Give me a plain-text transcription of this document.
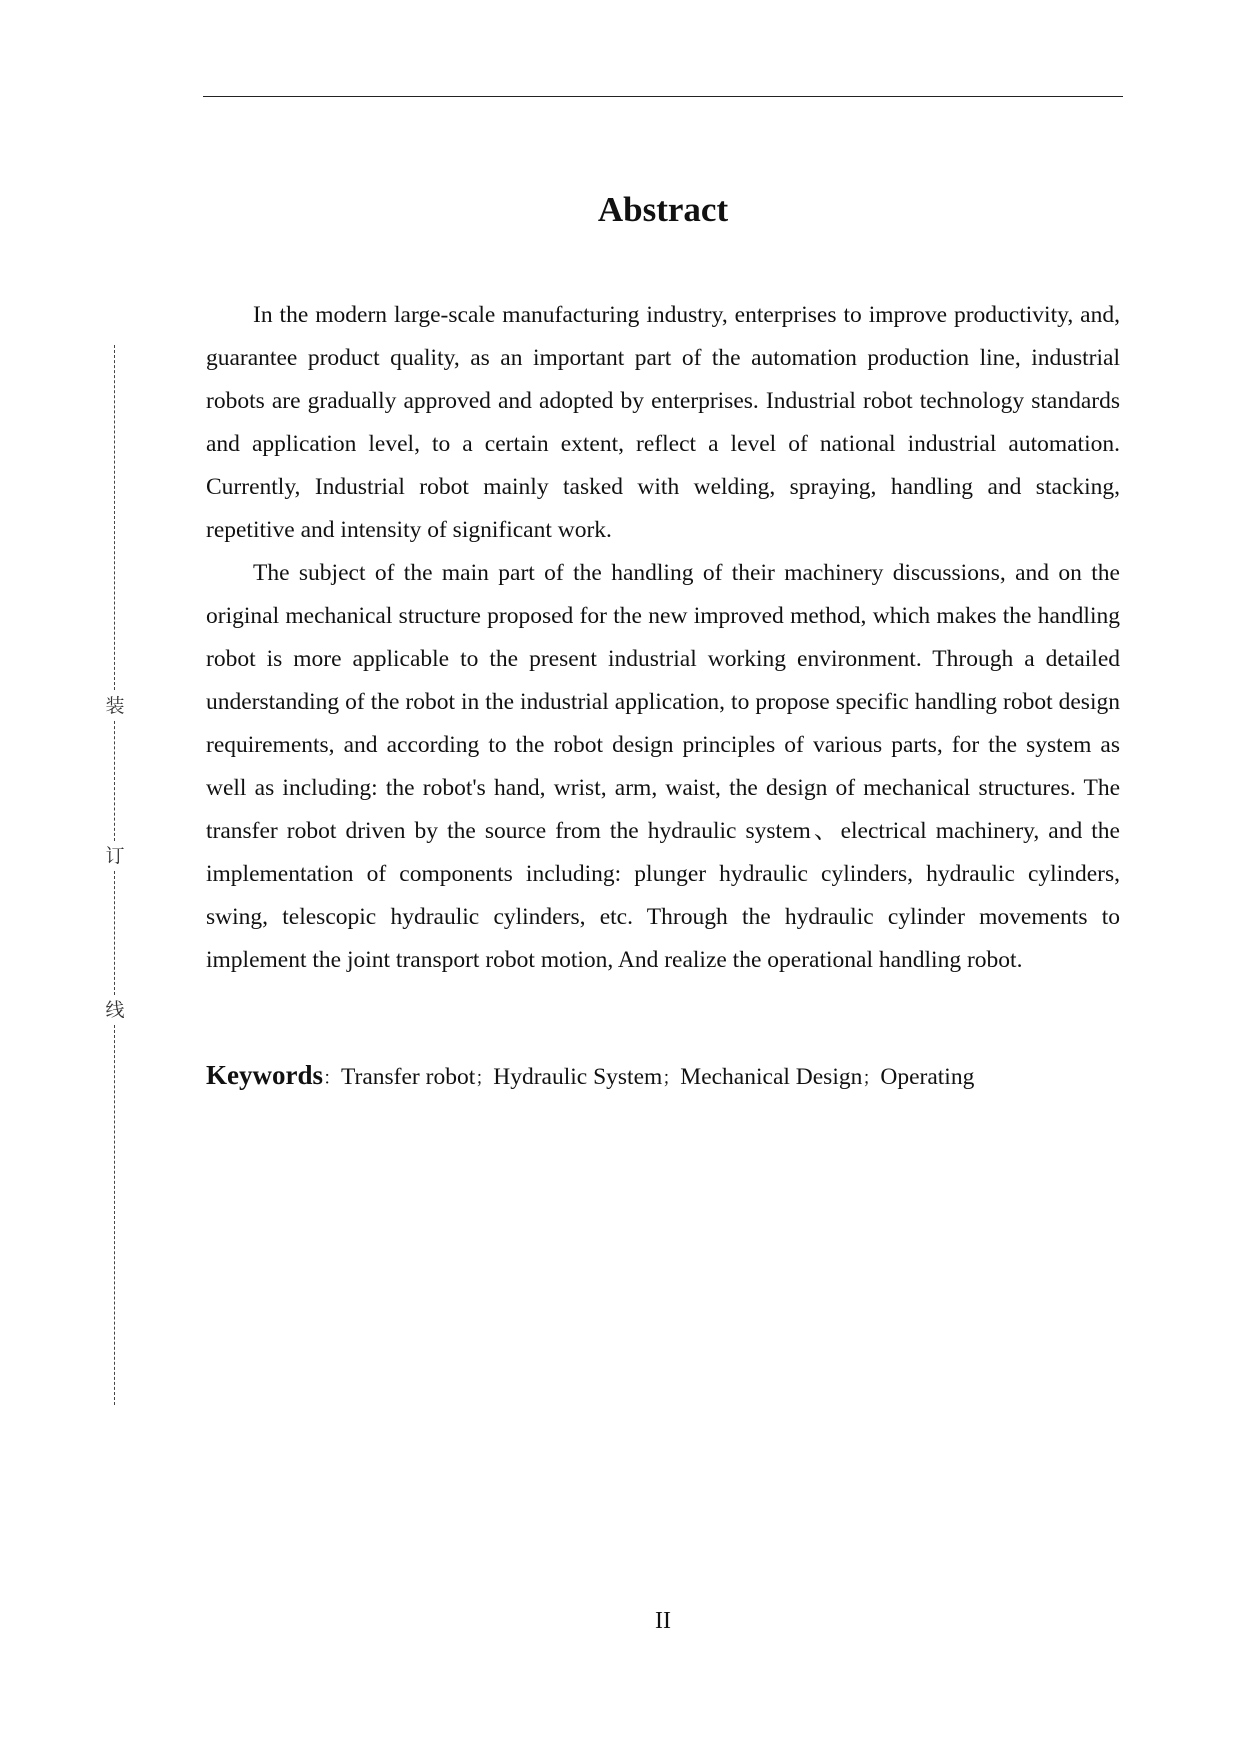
装
订
线
Abstract

In the modern large-scale manufacturing industry, enterprises to improve productivity, and, guarantee product quality, as an important part of the automation production line, industrial robots are gradually approved and adopted by enterprises. Industrial robot technology standards and application level, to a certain extent, reflect a level of national industrial automation. Currently, Industrial robot mainly tasked with welding, spraying, handling and stacking, repetitive and intensity of significant work.

The subject of the main part of the handling of their machinery discussions, and on the original mechanical structure proposed for the new improved method, which makes the handling robot is more applicable to the present industrial working environment. Through a detailed understanding of the robot in the industrial application, to propose specific handling robot design requirements, and according to the robot design principles of various parts, for the system as well as including: the robot's hand, wrist, arm, waist, the design of mechanical structures. The transfer robot driven by the source from the hydraulic system、electrical machinery, and the implementation of components including: plunger hydraulic cylinders, hydraulic cylinders, swing, telescopic hydraulic cylinders, etc. Through the hydraulic cylinder movements to implement the joint transport robot motion, And realize the operational handling robot.

Keywords：Transfer robot；Hydraulic System；Mechanical Design；Operating
II
